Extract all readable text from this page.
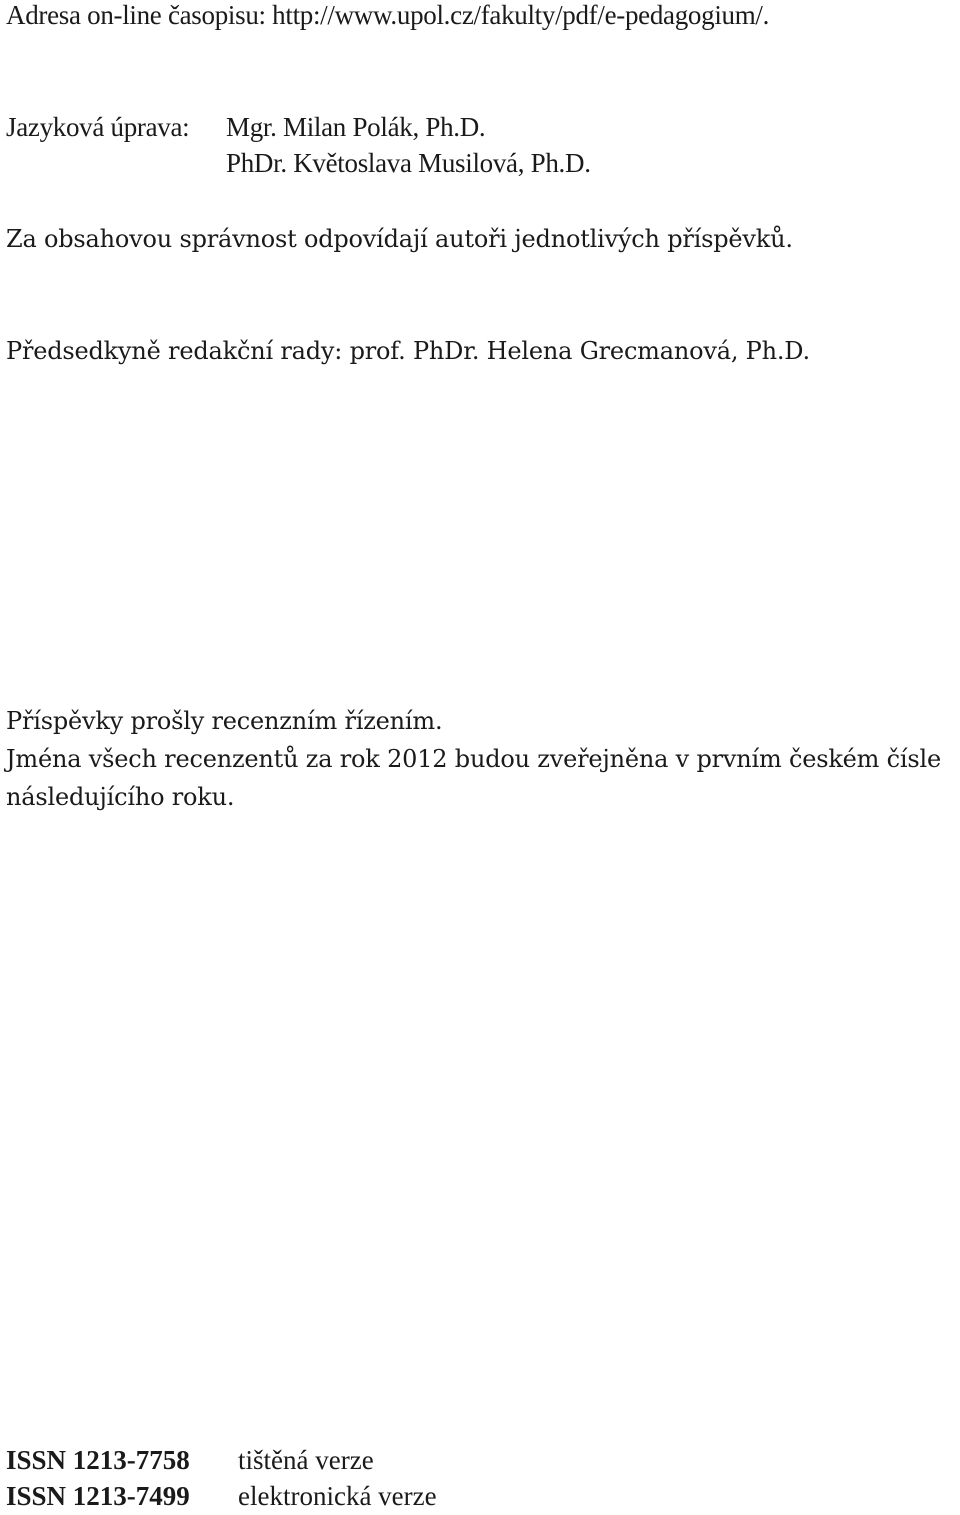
Adresa on-line časopisu: http://www.upol.cz/fakulty/pdf/e-pedagogium/.
Jazyková úprava: Mgr. Milan Polák, Ph.D.
PhDr. Květoslava Musilová, Ph.D.
Za obsahovou správnost odpovídají autoři jednotlivých příspěvků.
Předsedkyně redakční rady: prof. PhDr. Helena Grecmanová, Ph.D.
Příspěvky prošly recenzním řízením.
Jména všech recenzentů za rok 2012 budou zveřejněna v prvním českém čísle
následujícího roku.
ISSN 1213-7758 tištěná verze
ISSN 1213-7499 elektronická verze
